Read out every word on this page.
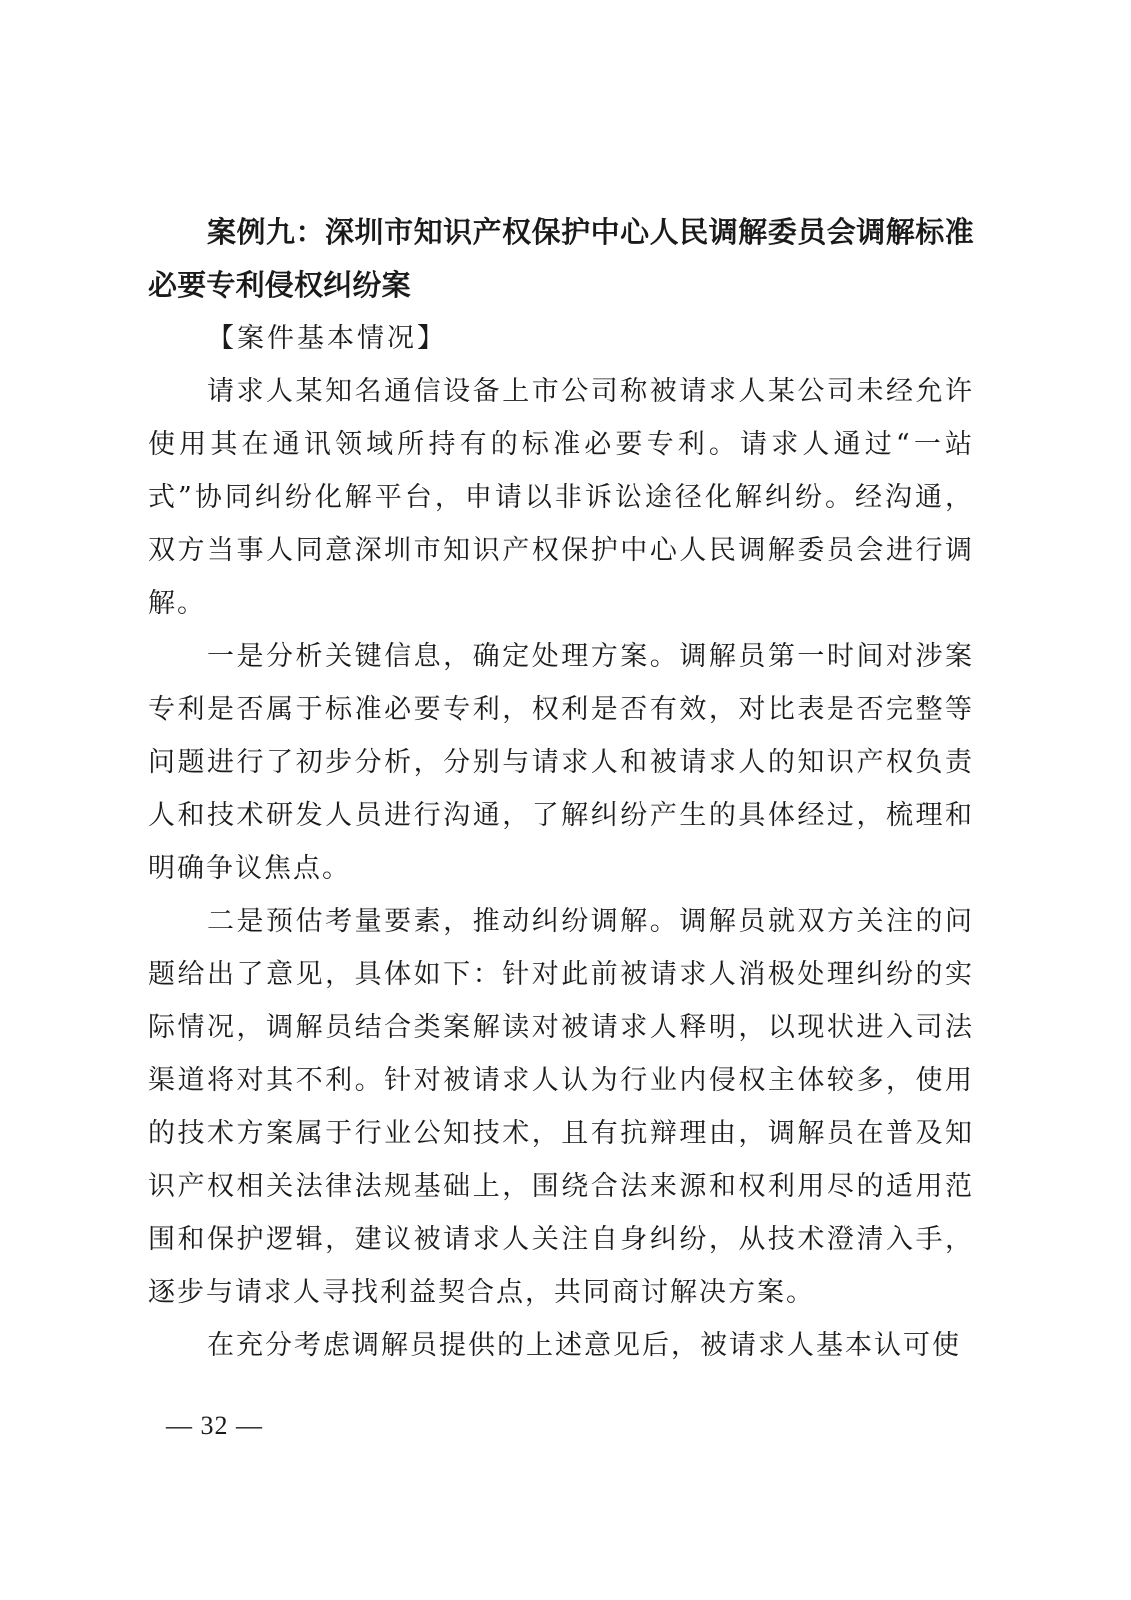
案例九：深圳市知识产权保护中心人民调解委员会调解标准必要专利侵权纠纷案

【案件基本情况】

请求人某知名通信设备上市公司称被请求人某公司未经允许使用其在通讯领域所持有的标准必要专利。请求人通过“一站式”协同纠纷化解平台，申请以非诉讼途径化解纠纷。经沟通，双方当事人同意深圳市知识产权保护中心人民调解委员会进行调解。

一是分析关键信息，确定处理方案。调解员第一时间对涉案专利是否属于标准必要专利，权利是否有效，对比表是否完整等问题进行了初步分析，分别与请求人和被请求人的知识产权负责人和技术研发人员进行沟通，了解纠纷产生的具体经过，梳理和明确争议焦点。

二是预估考量要素，推动纠纷调解。调解员就双方关注的问题给出了意见，具体如下：针对此前被请求人消极处理纠纷的实际情况，调解员结合类案解读对被请求人释明，以现状进入司法渠道将对其不利。针对被请求人认为行业内侵权主体较多，使用的技术方案属于行业公知技术，且有抗辩理由，调解员在普及知识产权相关法律法规基础上，围绕合法来源和权利用尽的适用范围和保护逻辑，建议被请求人关注自身纠纷，从技术澄清入手，逐步与请求人寻找利益契合点，共同商讨解决方案。

在充分考虑调解员提供的上述意见后，被请求人基本认可使

— 32 —
